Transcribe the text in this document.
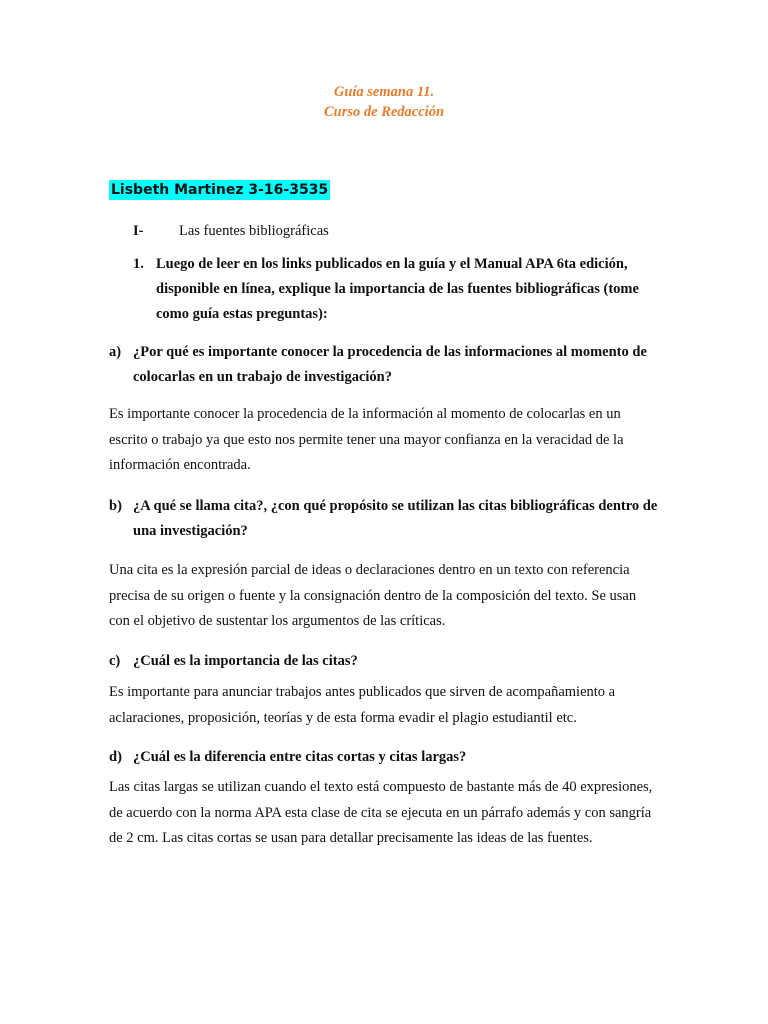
Guía semana 11.
Curso de Redacción
Lisbeth Martinez 3-16-3535
I- Las fuentes bibliográficas
1. Luego de leer en los links publicados en la guía y el Manual APA 6ta edición, disponible en línea, explique la importancia de las fuentes bibliográficas (tome como guía estas preguntas):
a) ¿Por qué es importante conocer la procedencia de las informaciones al momento de colocarlas en un trabajo de investigación?
Es importante conocer la procedencia de la información al momento de colocarlas en un escrito o trabajo ya que esto nos permite tener una mayor confianza en la veracidad de la información encontrada.
b) ¿A qué se llama cita?, ¿con qué propósito se utilizan las citas bibliográficas dentro de una investigación?
Una cita es la expresión parcial de ideas o declaraciones dentro en un texto con referencia precisa de su origen o fuente y la consignación dentro de la composición del texto. Se usan con el objetivo de sustentar los argumentos de las críticas.
c) ¿Cuál es la importancia de las citas?
Es importante para anunciar trabajos antes publicados que sirven de acompañamiento a aclaraciones, proposición, teorías y de esta forma evadir el plagio estudiantil etc.
d) ¿Cuál es la diferencia entre citas cortas y citas largas?
Las citas largas se utilizan cuando el texto está compuesto de bastante más de 40 expresiones, de acuerdo con la norma APA esta clase de cita se ejecuta en un párrafo además y con sangría de 2 cm. Las citas cortas se usan para detallar precisamente las ideas de las fuentes.
